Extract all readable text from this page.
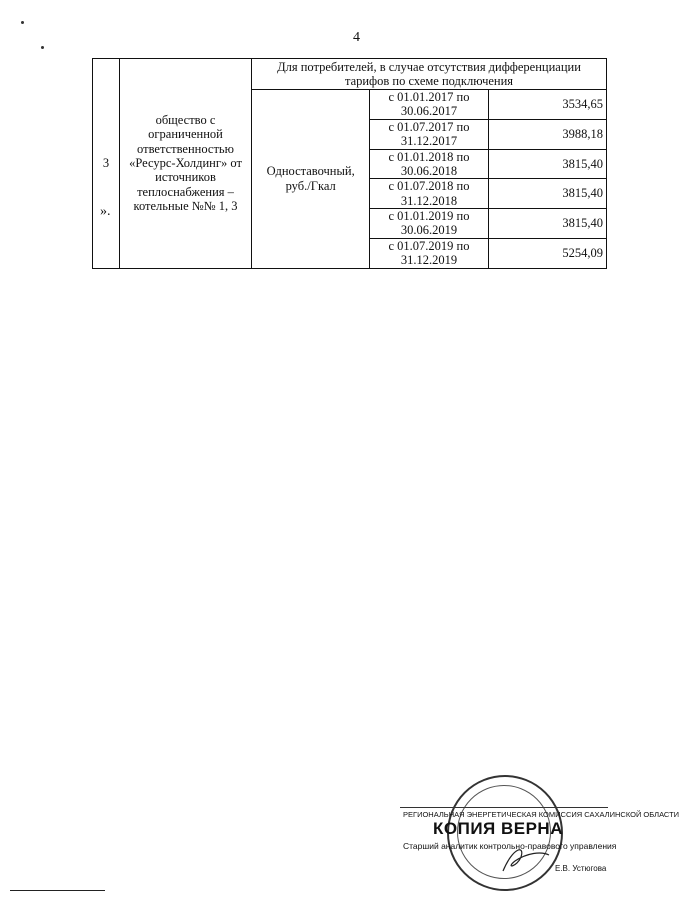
4
3	общество с ограниченной ответственностью «Ресурс-Холдинг» от источников теплоснабжения – котельные №№ 1, 3	Для потребителей, в случае отсутствия дифференциации тарифов по схеме подключения		
		Одноставочный, руб./Гкал	с 01.01.2017 по 30.06.2017	3534,65
			с 01.07.2017 по 31.12.2017	3988,18
			с 01.01.2018 по 30.06.2018	3815,40
			с 01.07.2018 по 31.12.2018	3815,40
			с 01.01.2019 по 30.06.2019	3815,40
			с 01.07.2019 по 31.12.2019	5254,09
».
РЕГИОНАЛЬНАЯ ЭНЕРГЕТИЧЕСКАЯ КОМИССИЯ САХАЛИНСКОЙ ОБЛАСТИ
КОПИЯ ВЕРНА
Старший аналитик контрольно-правового управления
Е.В. Устюгова
